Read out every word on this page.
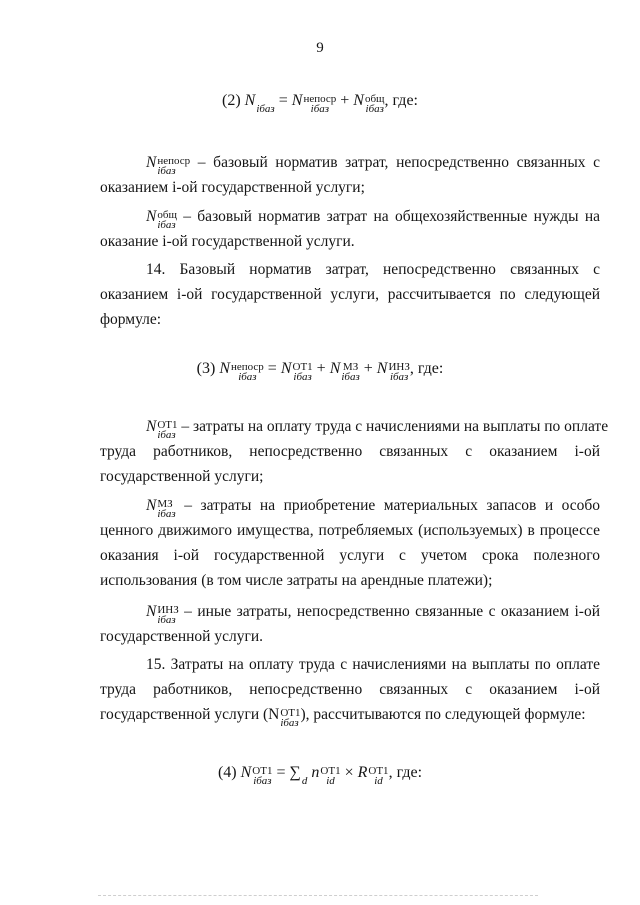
9
(2) N
iбаз = N непоср
iбаз + N общ
iбаз , где:
N непоср
iбаз	– базовый норматив затрат, непосредственно связанных с
оказанием i-ой государственной услуги;
N общ
iбаз – базовый норматив затрат на общехозяйственные нужды на
оказание i-ой государственной услуги.
14. Базовый норматив затрат, непосредственно связанных с
оказанием i-ой государственной услуги, рассчитывается по следующей
формуле:
(3) N непоср
iбаз = N ОТ1
iбаз + N МЗ
iбаз + N ИНЗ
iбаз , где:
N ОТ1
iбаз – затраты на оплату труда с начислениями на выплаты по оплате
труда работников, непосредственно связанных с оказанием i-ой
государственной услуги;
N МЗ
iбаз – затраты на приобретение материальных запасов и особо
ценного движимого имущества, потребляемых (используемых) в процессе
оказания i-ой государственной услуги с учетом срока полезного
использования (в том числе затраты на арендные платежи);
N ИНЗ
iбаз – иные затраты, непосредственно связанные с оказанием i-ой
государственной услуги.
15. Затраты на оплату труда с начислениями на выплаты по оплате
труда работников, непосредственно связанных с оказанием i-ой
государственной услуги (N ОТ1
iбаз ), рассчитываются по следующей формуле:
(4) N ОТ1
iбаз = ∑
d
n ОТ1
id × R ОТ1
id , где:
